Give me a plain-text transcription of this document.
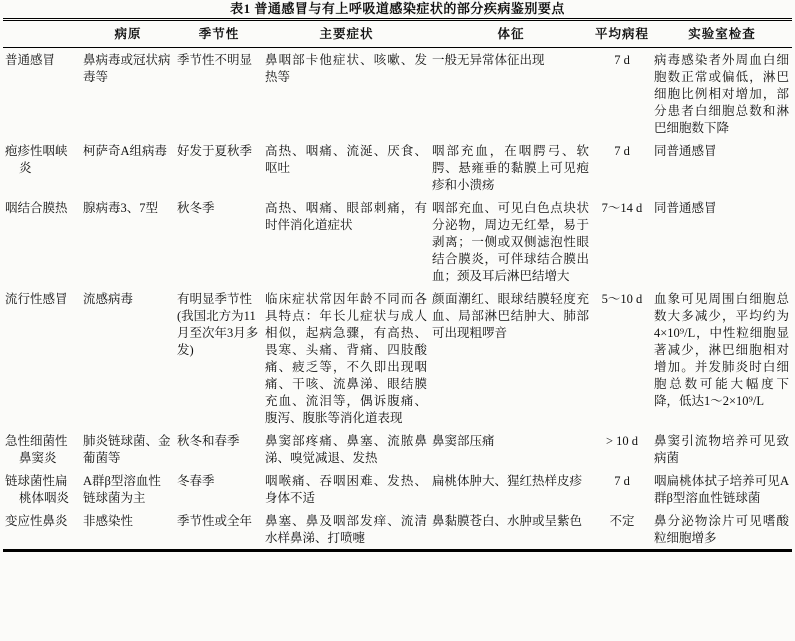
表1 普通感冒与有上呼吸道感染症状的部分疾病鉴别要点
	病原	季节性	主要症状	体征	平均病程	实验室检查
普通感冒	鼻病毒或冠状病毒等	季节性不明显	鼻咽部卡他症状、咳嗽、发热等	一般无异常体征出现	7 d	病毒感染者外周血白细胞数正常或偏低，淋巴细胞比例相对增加，部分患者白细胞总数和淋巴细胞数下降
疱疹性咽峡炎	柯萨奇A组病毒	好发于夏秋季	高热、咽痛、流涎、厌食、呕吐	咽部充血，在咽腭弓、软腭、悬雍垂的黏膜上可见疱疹和小溃疡	7 d	同普通感冒
咽结合膜热	腺病毒3、7型	秋冬季	高热、咽痛、眼部刺痛，有时伴消化道症状	咽部充血、可见白色点块状分泌物，周边无红晕，易于剥离；一侧或双侧滤泡性眼结合膜炎，可伴球结合膜出血；颈及耳后淋巴结增大	7～14 d	同普通感冒
流行性感冒	流感病毒	有明显季节性(我国北方为11月至次年3月多发)	临床症状常因年龄不同而各具特点：年长儿症状与成人相似，起病急骤，有高热、畏寒、头痛、背痛、四肢酸痛、疲乏等，不久即出现咽痛、干咳、流鼻涕、眼结膜充血、流泪等，偶诉腹痛、腹泻、腹胀等消化道表现	颜面潮红、眼球结膜轻度充血、局部淋巴结肿大、肺部可出现粗啰音	5～10 d	血象可见周围白细胞总数大多减少，平均约为4×10⁹/L，中性粒细胞显著减少，淋巴细胞相对增加。并发肺炎时白细胞总数可能大幅度下降，低达1～2×10⁹/L
急性细菌性鼻窦炎	肺炎链球菌、金葡菌等	秋冬和春季	鼻窦部疼痛、鼻塞、流脓鼻涕、嗅觉减退、发热	鼻窦部压痛	> 10 d	鼻窦引流物培养可见致病菌
链球菌性扁桃体咽炎	A群β型溶血性链球菌为主	冬春季	咽喉痛、吞咽困难、发热、身体不适	扁桃体肿大、猩红热样皮疹	7 d	咽扁桃体拭子培养可见A群β型溶血性链球菌
变应性鼻炎	非感染性	季节性或全年	鼻塞、鼻及咽部发痒、流清水样鼻涕、打喷嚏	鼻黏膜苍白、水肿或呈紫色	不定	鼻分泌物涂片可见嗜酸粒细胞增多
